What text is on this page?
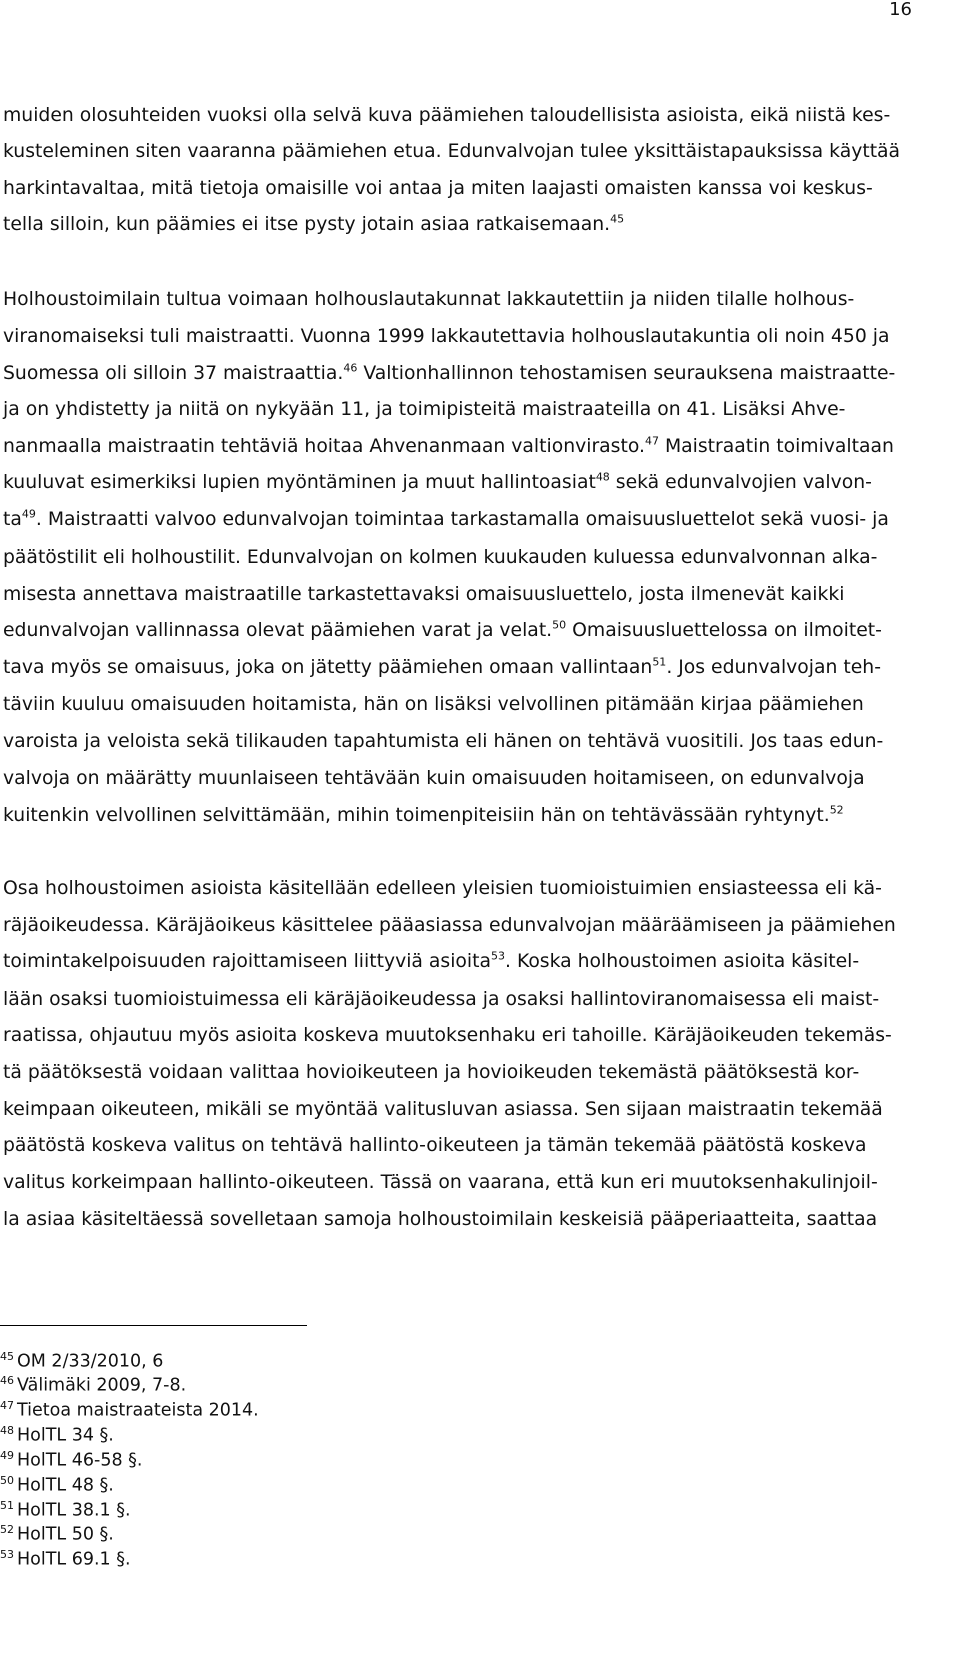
16
muiden olosuhteiden vuoksi olla selvä kuva päämiehen taloudellisista asioista, eikä niistä kes-
kusteleminen siten vaaranna päämiehen etua. Edunvalvojan tulee yksittäistapauksissa käyttää
harkintavaltaa, mitä tietoja omaisille voi antaa ja miten laajasti omaisten kanssa voi keskus-
tella silloin, kun päämies ei itse pysty jotain asiaa ratkaisemaan.$^{45}$
Holhoustoimilain tultua voimaan holhouslautakunnat lakkautettiin ja niiden tilalle holhous-
viranomaiseksi tuli maistraatti. Vuonna 1999 lakkautettavia holhouslautakuntia oli noin 450 ja
Suomessa oli silloin 37 maistraattia.$^{46}$ Valtionhallinnon tehostamisen seurauksena maistraatte-
ja on yhdistetty ja niitä on nykyään 11, ja toimipisteitä maistraateilla on 41. Lisäksi Ahve-
nanmaalla maistraatin tehtäviä hoitaa Ahvenanmaan valtionvirasto.$^{47}$ Maistraatin toimivaltaan
kuuluvat esimerkiksi lupien myöntäminen ja muut hallintoasiat$^{48}$ sekä edunvalvojien valvon-
$ta^{49}$. Maistraatti valvoo edunvalvojan toimintaa tarkastamalla omaisuusluettelot sekä vuosi- ja
päätöstilit eli holhoustilit. Edunvalvojan on kolmen kuukauden kuluessa edunvalvonnan alka-
misesta annettava maistraatille tarkastettavaksi omaisuusluettelo, josta ilmenevät kaikki
edunvalvojan vallinnassa olevat päämiehen varat ja velat.$^{50}$ Omaisuusluettelossa on ilmoitet-
tava myös se omaisuus, joka on jätetty päämiehen omaan vallintaan$^{51}$. Jos edunvalvojan teh-
täviin kuuluu omaisuuden hoitamista, hän on lisäksi velvollinen pitämään kirjaa päämiehen
varoista ja veloista sekä tilikauden tapahtumista eli hänen on tehtävä vuositili. Jos taas edun-
valvoja on määrätty muunlaiseen tehtävään kuin omaisuuden hoitamiseen, on edunvalvoja
kuitenkin velvollinen selvittämään, mihin toimenpiteisiin hän on tehtävässään ryhtynyt.$^{52}$
Osa holhoustoimen asioista käsitellään edelleen yleisien tuomioistuimien ensiasteessa eli kä-
räjäoikeudessa. Käräjäoikeus käsittelee pääasiassa edunvalvojan määräämiseen ja päämiehen
toimintakelpoisuuden rajoittamiseen liittyviä asioita$^{53}$. Koska holhoustoimen asioita käsitel-
lään osaksi tuomioistuimessa eli käräjäoikeudessa ja osaksi hallintoviranomaisessa eli maist-
raatissa, ohjautuu myös asioita koskeva muutoksenhaku eri tahoille. Käräjäoikeuden tekemäs-
tä päätöksestä voidaan valittaa hovioikeuteen ja hovioikeuden tekemästä päätöksestä kor-
keimpaan oikeuteen, mikäli se myöntää valitusluvan asiassa. Sen sijaan maistraatin tekemää
päätöstä koskeva valitus on tehtävä hallinto-oikeuteen ja tämän tekemää päätöstä koskeva
valitus korkeimpaan hallinto-oikeuteen. Tässä on vaarana, että kun eri muutoksenhakulinjoil-
la asiaa käsiteltäessä sovelletaan samoja holhoustoimilain keskeisiä pääperiaatteita, saattaa
$^{45}$ OM 2/33/2010, 6
$^{46}$ Välimäki 2009, 7-8.
$^{47}$ Tietoa maistraateista 2014.
$^{48}$ HolTL 34 §.
$^{49}$ HolTL 46-58 §.
$^{50}$ HolTL 48 §.
$^{51}$ HolTL 38.1 §.
$^{52}$ HolTL 50 §.
$^{53}$ HolTL 69.1 §.
